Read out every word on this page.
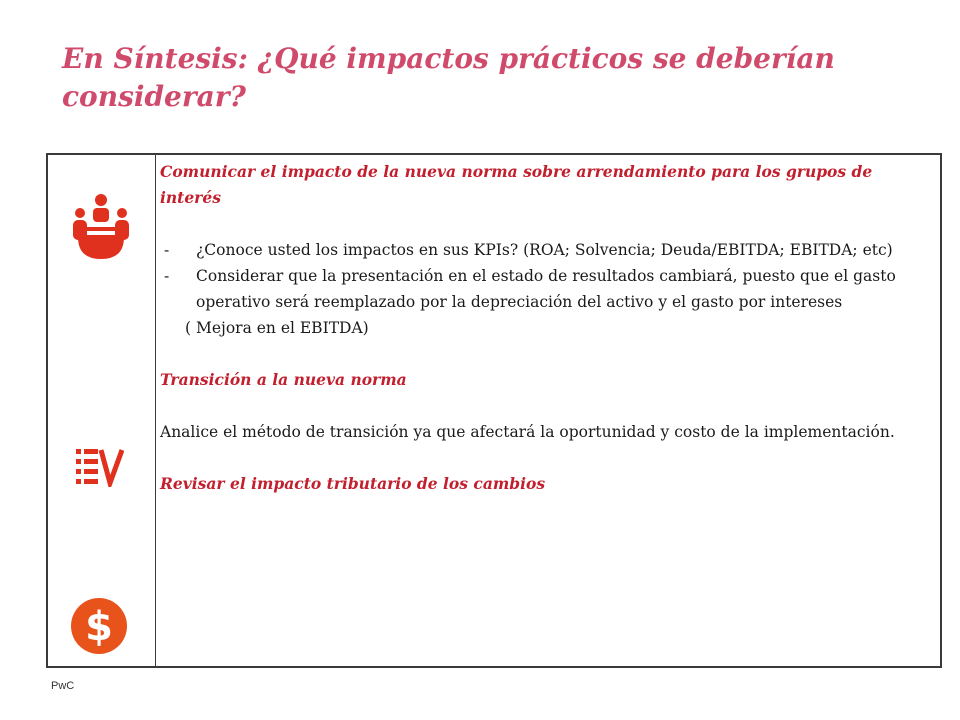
En Síntesis: ¿Qué impactos prácticos se deberían considerar?
$

Comunicar el impacto de la nueva norma sobre arrendamiento para los grupos de interés

- ¿Conoce usted los impactos en sus KPIs? (ROA; Solvencia; Deuda/EBITDA; EBITDA; etc)
- Considerar que la presentación en el estado de resultados cambiará, puesto que el gasto operativo será reemplazado por la depreciación del activo y el gasto por intereses

( Mejora en el EBITDA)

Transición a la nueva norma

Analice el método de transición ya que afectará la oportunidad y costo de la implementación.

Revisar el impacto tributario de los cambios

PwC
